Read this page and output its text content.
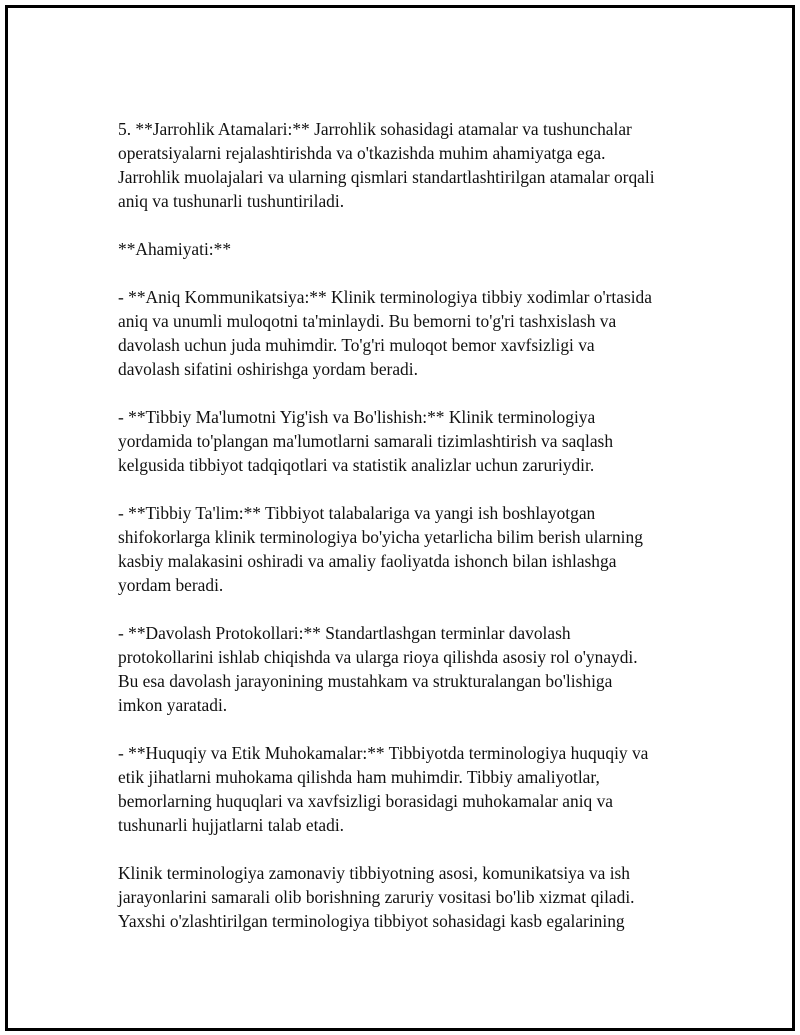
5. **Jarrohlik Atamalari:** Jarrohlik sohasidagi atamalar va tushunchalar
operatsiyalarni rejalashtirishda va o'tkazishda muhim ahamiyatga ega.
Jarrohlik muolajalari va ularning qismlari standartlashtirilgan atamalar orqali
aniq va tushunarli tushuntiriladi.
**Ahamiyati:**
- **Aniq Kommunikatsiya:** Klinik terminologiya tibbiy xodimlar o'rtasida
aniq va unumli muloqotni ta'minlaydi. Bu bemorni to'g'ri tashxislash va
davolash uchun juda muhimdir. To'g'ri muloqot bemor xavfsizligi va
davolash sifatini oshirishga yordam beradi.
- **Tibbiy Ma'lumotni Yig'ish va Bo'lishish:** Klinik terminologiya
yordamida to'plangan ma'lumotlarni samarali tizimlashtirish va saqlash
kelgusida tibbiyot tadqiqotlari va statistik analizlar uchun zaruriydir.
- **Tibbiy Ta'lim:** Tibbiyot talabalariga va yangi ish boshlayotgan
shifokorlarga klinik terminologiya bo'yicha yetarlicha bilim berish ularning
kasbiy malakasini oshiradi va amaliy faoliyatda ishonch bilan ishlashga
yordam beradi.
- **Davolash Protokollari:** Standartlashgan terminlar davolash
protokollarini ishlab chiqishda va ularga rioya qilishda asosiy rol o'ynaydi.
Bu esa davolash jarayonining mustahkam va strukturalangan bo'lishiga
imkon yaratadi.
- **Huquqiy va Etik Muhokamalar:** Tibbiyotda terminologiya huquqiy va
etik jihatlarni muhokama qilishda ham muhimdir. Tibbiy amaliyotlar,
bemorlarning huquqlari va xavfsizligi borasidagi muhokamalar aniq va
tushunarli hujjatlarni talab etadi.
Klinik terminologiya zamonaviy tibbiyotning asosi, komunikatsiya va ish
jarayonlarini samarali olib borishning zaruriy vositasi bo'lib xizmat qiladi.
Yaxshi o'zlashtirilgan terminologiya tibbiyot sohasidagi kasb egalarining
